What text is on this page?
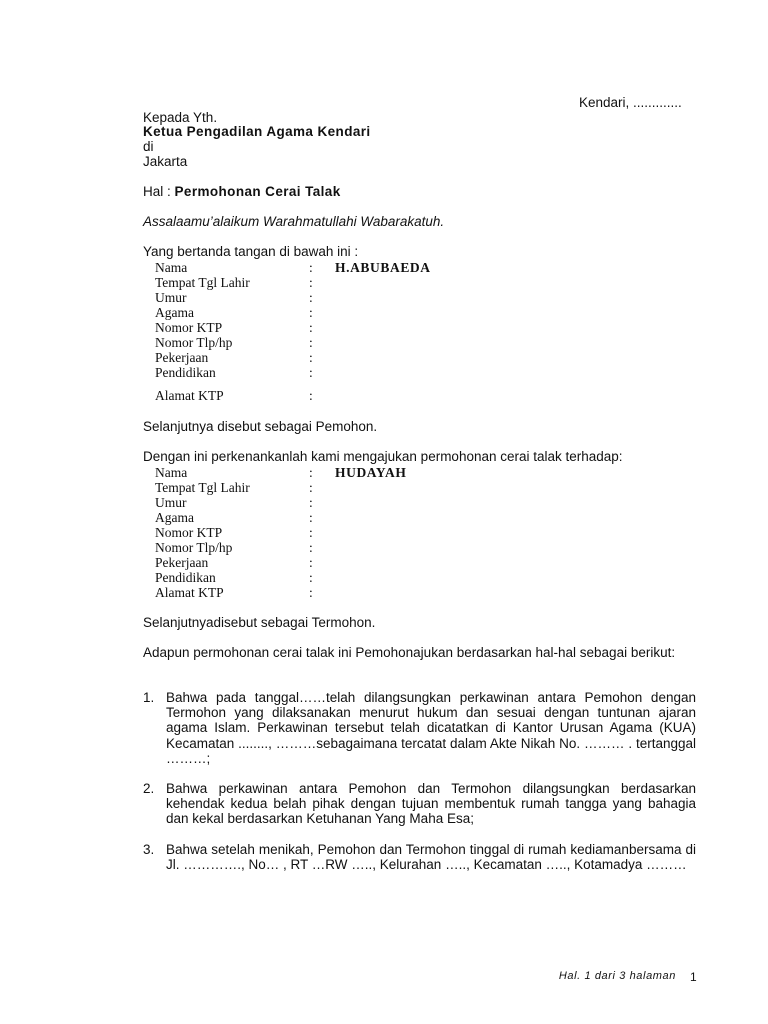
Kendari, .............
Kepada Yth.
Ketua Pengadilan Agama Kendari
di
Jakarta
Hal : Permohonan Cerai Talak
Assalaamu’alaikum Warahmatullahi Wabarakatuh.
Yang bertanda tangan di bawah ini :
Nama	: H.ABUBAEDA
Tempat Tgl Lahir	:
Umur	:
Agama	:
Nomor KTP	:
Nomor Tlp/hp	:
Pekerjaan	:
Pendidikan	:
Alamat KTP	:
Selanjutnya disebut sebagai Pemohon.
Dengan ini perkenankanlah kami mengajukan permohonan cerai talak terhadap:
Nama	: HUDAYAH
Tempat Tgl Lahir	:
Umur	:
Agama	:
Nomor KTP	:
Nomor Tlp/hp	:
Pekerjaan	:
Pendidikan	:
Alamat KTP	:
Selanjutnyadisebut sebagai Termohon.
Adapun permohonan cerai talak ini Pemohonajukan berdasarkan hal-hal sebagai berikut:
1. Bahwa pada tanggal……telah dilangsungkan perkawinan antara Pemohon dengan Termohon yang dilaksanakan menurut hukum dan sesuai dengan tuntunan ajaran agama Islam. Perkawinan tersebut telah dicatatkan di Kantor Urusan Agama (KUA) Kecamatan ........, ………sebagaimana tercatat dalam Akte Nikah No. ……… . tertanggal ………;
2. Bahwa perkawinan antara Pemohon dan Termohon dilangsungkan berdasarkan kehendak kedua belah pihak dengan tujuan membentuk rumah tangga yang bahagia dan kekal berdasarkan Ketuhanan Yang Maha Esa;
3. Bahwa setelah menikah, Pemohon dan Termohon tinggal di rumah kediamanbersama di Jl. …………., No… , RT …RW ….., Kelurahan ….., Kecamatan ….., Kotamadya ………
Hal. 1 dari 3 halaman 1
